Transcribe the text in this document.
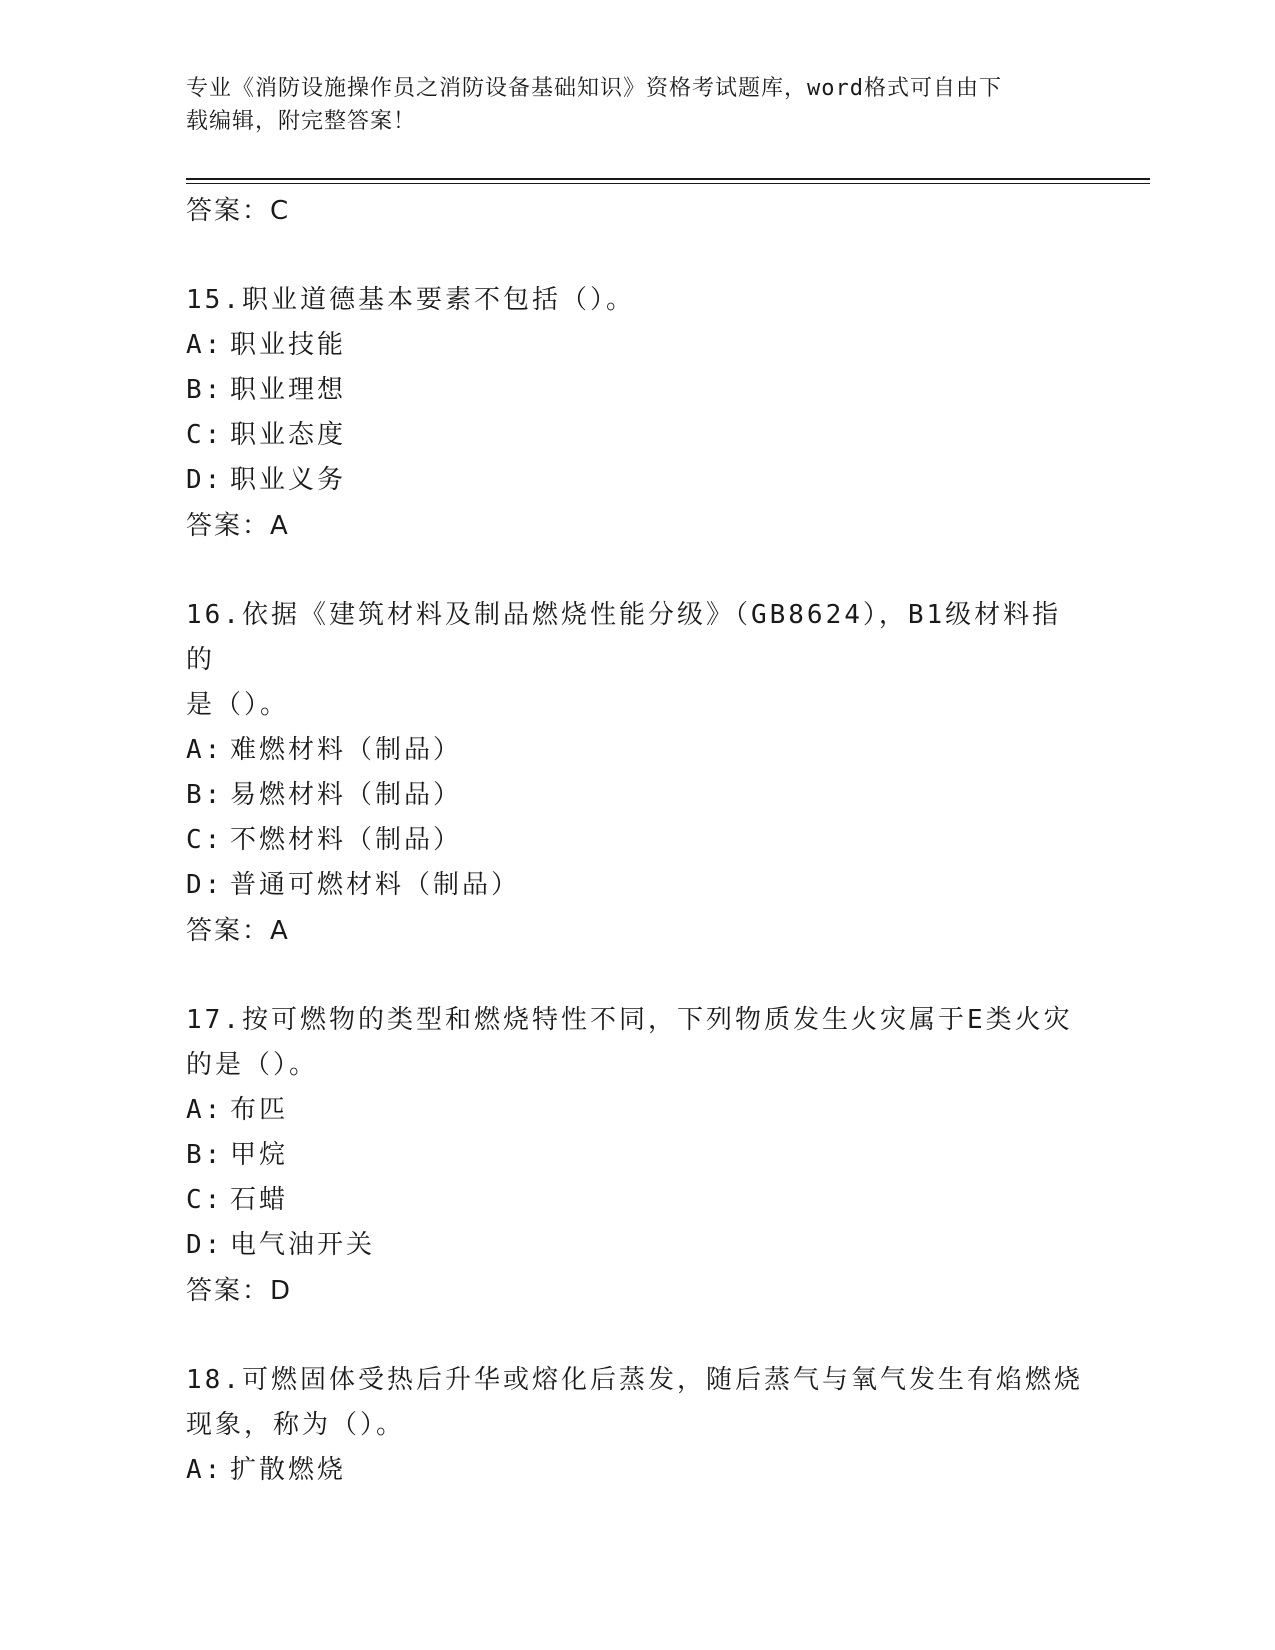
专业《消防设施操作员之消防设备基础知识》资格考试题库，word格式可自由下
载编辑，附完整答案！
答案：C
15.职业道德基本要素不包括（）。
A: 职业技能
B: 职业理想
C: 职业态度
D: 职业义务
答案：A
16.依据《建筑材料及制品燃烧性能分级》（GB8624），B1级材料指的
是（）。
A: 难燃材料（制品）
B: 易燃材料（制品）
C: 不燃材料（制品）
D: 普通可燃材料（制品）
答案：A
17.按可燃物的类型和燃烧特性不同，下列物质发生火灾属于E类火灾
的是（）。
A: 布匹
B: 甲烷
C: 石蜡
D: 电气油开关
答案：D
18.可燃固体受热后升华或熔化后蒸发，随后蒸气与氧气发生有焰燃烧
现象，称为（）。
A: 扩散燃烧
